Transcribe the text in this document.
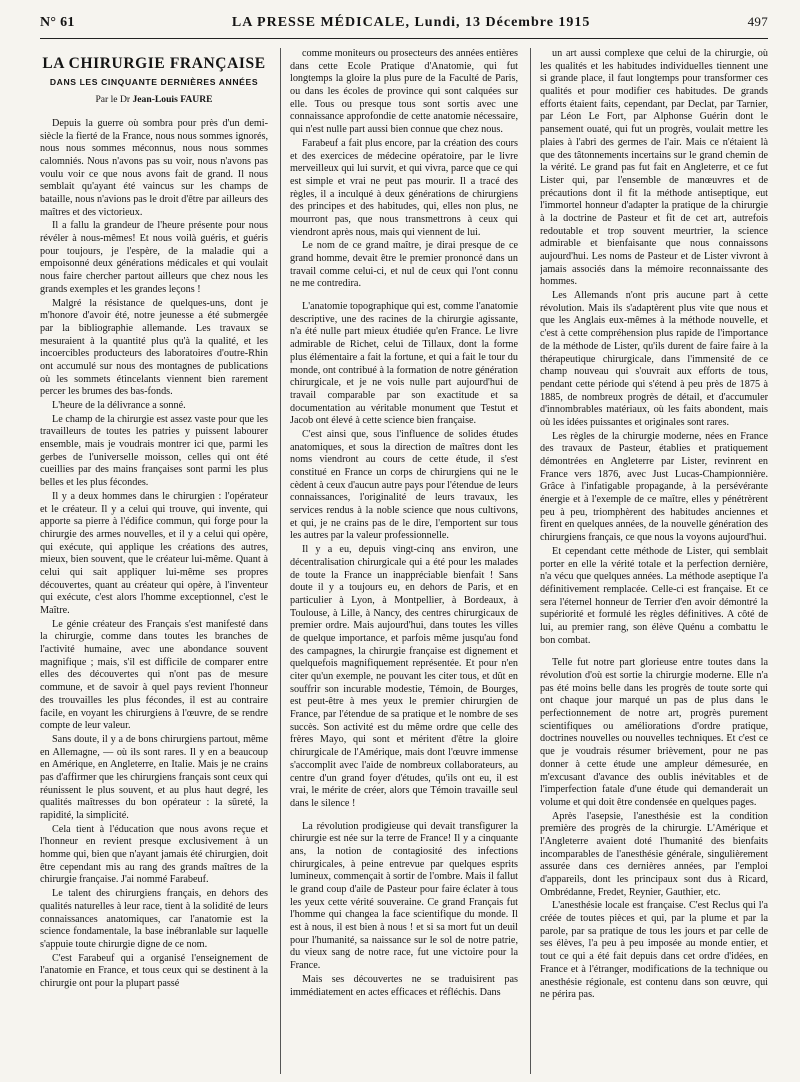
N° 61	LA PRESSE MÉDICALE, Lundi, 13 Décembre 1915	497
LA CHIRURGIE FRANÇAISE
DANS LES CINQUANTE DERNIÈRES ANNÉES
Par le Dr Jean-Louis FAURE

Depuis la guerre où sombra pour près d'un demi-siècle la fierté de la France, nous nous sommes ignorés, nous nous sommes méconnus, nous nous sommes calomniés. Nous n'avons pas su voir, nous n'avons pas voulu voir ce que nous avons fait de grand. Il nous semblait qu'ayant été vaincus sur les champs de bataille, nous n'avions pas le droit d'être par ailleurs des maîtres et des victorieux.

Il a fallu la grandeur de l'heure présente pour nous révéler à nous-mêmes! Et nous voilà guéris, et guéris pour toujours, je l'espère, de la maladie qui a empoisonné deux générations médicales et qui voulait nous faire chercher partout ailleurs que chez nous les grands exemples et les grandes leçons !

Malgré la résistance de quelques-uns, dont je m'honore d'avoir été, notre jeunesse a été submergée par la bibliographie allemande. Les travaux se mesuraient à la quantité plus qu'à la qualité, et les incoercibles producteurs des laboratoires d'outre-Rhin ont accumulé sur nous des montagnes de publications où les sommets étincelants viennent bien rarement percer les brumes des bas-fonds.

L'heure de la délivrance a sonné.

Le champ de la chirurgie est assez vaste pour que les travailleurs de toutes les patries y puissent labourer ensemble, mais je voudrais montrer ici que, parmi les gerbes de l'universelle moisson, celles qui ont été cueillies par des mains françaises sont parmi les plus belles et les plus fécondes.

Il y a deux hommes dans le chirurgien : l'opérateur et le créateur. Il y a celui qui trouve, qui invente, qui apporte sa pierre à l'édifice commun, qui forge pour la chirurgie des armes nouvelles, et il y a celui qui opère, qui exécute, qui applique les créations des autres, mieux, bien souvent, que le créateur lui-même. Quant à celui qui sait appliquer lui-même ses propres découvertes, quant au créateur qui opère, à l'inventeur qui exécute, c'est alors l'homme exceptionnel, c'est le Maître.

Le génie créateur des Français s'est manifesté dans la chirurgie, comme dans toutes les branches de l'activité humaine, avec une abondance souvent magnifique ; mais, s'il est difficile de comparer entre elles des découvertes qui n'ont pas de mesure commune, et de savoir à quel pays revient l'honneur des trouvailles les plus fécondes, il est au contraire facile, en voyant les chirurgiens à l'œuvre, de se rendre compte de leur valeur.

Sans doute, il y a de bons chirurgiens partout, même en Allemagne, — où ils sont rares. Il y en a beaucoup en Amérique, en Angleterre, en Italie. Mais je ne crains pas d'affirmer que les chirurgiens français sont ceux qui réunissent le plus souvent, et au plus haut degré, les qualités maîtresses du bon opérateur : la sûreté, la rapidité, la simplicité.

Cela tient à l'éducation que nous avons reçue et l'honneur en revient presque exclusivement à un homme qui, bien que n'ayant jamais été chirurgien, doit être cependant mis au rang des grands maîtres de la chirurgie française. J'ai nommé Farabeuf.

Le talent des chirurgiens français, en dehors des qualités naturelles à leur race, tient à la solidité de leurs connaissances anatomiques, car l'anatomie est la science fondamentale, la base inébranlable sur laquelle s'appuie toute chirurgie digne de ce nom.

C'est Farabeuf qui a organisé l'enseignement de l'anatomie en France, et tous ceux qui se destinent à la chirurgie ont pour la plupart passé

comme moniteurs ou prosecteurs des années entières dans cette Ecole Pratique d'Anatomie, qui fut longtemps la gloire la plus pure de la Faculté de Paris, ou dans les écoles de province qui sont calquées sur elle. Tous ou presque tous sont sortis avec une connaissance approfondie de cette anatomie nécessaire, qui n'est nulle part aussi bien connue que chez nous.

Farabeuf a fait plus encore, par la création des cours et des exercices de médecine opératoire, par le livre merveilleux qui lui survit, et qui vivra, parce que ce qui est simple et vrai ne peut pas mourir. Il a tracé des règles, il a inculqué à deux générations de chirurgiens des principes et des habitudes, qui, elles non plus, ne mourront pas, que nous transmettrons à ceux qui viendront après nous, mais qui viennent de lui.

Le nom de ce grand maître, je dirai presque de ce grand homme, devait être le premier prononcé dans un travail comme celui-ci, et nul de ceux qui l'ont connu ne me contredira.

L'anatomie topographique qui est, comme l'anatomie descriptive, une des racines de la chirurgie agissante, n'a été nulle part mieux étudiée qu'en France. Le livre admirable de Richet, celui de Tillaux, dont la forme plus élémentaire a fait la fortune, et qui a fait le tour du monde, ont contribué à la formation de notre génération chirurgicale, et je ne vois nulle part aujourd'hui de travail comparable par son exactitude et sa documentation au véritable monument que Testut et Jacob ont élevé à cette science bien française.

C'est ainsi que, sous l'influence de solides études anatomiques, et sous la direction de maîtres dont les noms viendront au cours de cette étude, il s'est constitué en France un corps de chirurgiens qui ne le cèdent à ceux d'aucun autre pays pour l'étendue de leurs connaissances, l'originalité de leurs travaux, les services rendus à la noble science que nous cultivons, et qui, je ne crains pas de le dire, l'emportent sur tous les autres par la valeur professionnelle.

Il y a eu, depuis vingt-cinq ans environ, une décentralisation chirurgicale qui a été pour les malades de toute la France un inappréciable bienfait ! Sans doute il y a toujours eu, en dehors de Paris, et en particulier à Lyon, à Montpellier, à Bordeaux, à Toulouse, à Lille, à Nancy, des centres chirurgicaux de premier ordre. Mais aujourd'hui, dans toutes les villes de quelque importance, et parfois même jusqu'au fond des campagnes, la chirurgie française est dignement et quelquefois magnifiquement représentée. Et pour n'en citer qu'un exemple, ne pouvant les citer tous, et dût en souffrir son incurable modestie, Témoin, de Bourges, est peut-être à mes yeux le premier chirurgien de France, par l'étendue de sa pratique et le nombre de ses succès. Son activité est du même ordre que celle des frères Mayo, qui sont et méritent d'être la gloire chirurgicale de l'Amérique, mais dont l'œuvre immense s'accomplit avec l'aide de nombreux collaborateurs, au centre d'un grand foyer d'études, qu'ils ont eu, il est vrai, le mérite de créer, alors que Témoin travaille seul dans le silence !

La révolution prodigieuse qui devait transfigurer la chirurgie est née sur la terre de France! Il y a cinquante ans, la notion de contagiosité des infections chirurgicales, à peine entrevue par quelques esprits lumineux, commençait à sortir de l'ombre. Mais il fallut le grand coup d'aile de Pasteur pour faire éclater à tous les yeux cette vérité souveraine. Ce grand Français fut l'homme qui changea la face scientifique du monde. Il est à nous, il est bien à nous ! et si sa mort fut un deuil pour l'humanité, sa naissance sur le sol de notre patrie, du vieux sang de notre race, fut une victoire pour la France.

Mais ses découvertes ne se traduisirent pas immédiatement en actes efficaces et réfléchis. Dans

un art aussi complexe que celui de la chirurgie, où les qualités et les habitudes individuelles tiennent une si grande place, il faut longtemps pour transformer ces qualités et pour modifier ces habitudes. De grands efforts étaient faits, cependant, par Declat, par Tarnier, par Léon Le Fort, par Alphonse Guérin dont le pansement ouaté, qui fut un progrès, voulait mettre les plaies à l'abri des germes de l'air. Mais ce n'étaient là que des tâtonnements incertains sur le grand chemin de la vérité. Le grand pas fut fait en Angleterre, et ce fut Lister qui, par l'ensemble de manœuvres et de précautions dont il fit la méthode antiseptique, eut l'immortel honneur d'adapter la pratique de la chirurgie à la doctrine de Pasteur et fit de cet art, autrefois redoutable et trop souvent meurtrier, la science admirable et bienfaisante que nous connaissons aujourd'hui. Les noms de Pasteur et de Lister vivront à jamais associés dans la mémoire reconnaissante des hommes.

Les Allemands n'ont pris aucune part à cette révolution. Mais ils s'adaptèrent plus vite que nous et que les Anglais eux-mêmes à la méthode nouvelle, et c'est à cette compréhension plus rapide de l'importance de la méthode de Lister, qu'ils durent de faire faire à la thérapeutique chirurgicale, dans l'immensité de ce champ nouveau qui s'ouvrait aux efforts de tous, pendant cette période qui s'étend à peu près de 1875 à 1885, de nombreux progrès de détail, et d'accumuler d'innombrables matériaux, où les faits abondent, mais où les idées puissantes et originales sont rares.

Les règles de la chirurgie moderne, nées en France des travaux de Pasteur, établies et pratiquement démontrées en Angleterre par Lister, revinrent en France vers 1876, avec Just Lucas-Championnière. Grâce à l'infatigable propagande, à la persévérante énergie et à l'exemple de ce maître, elles y pénétrèrent peu à peu, triomphèrent des habitudes anciennes et firent en quelques années, de la nouvelle génération des chirurgiens français, ce que nous la voyons aujourd'hui.

Et cependant cette méthode de Lister, qui semblait porter en elle la vérité totale et la perfection dernière, n'a vécu que quelques années. La méthode aseptique l'a définitivement remplacée. Celle-ci est française. Et ce sera l'éternel honneur de Terrier d'en avoir démontré la supériorité et formulé les règles définitives. A côté de lui, au premier rang, son élève Quénu a combattu le bon combat.

Telle fut notre part glorieuse entre toutes dans la révolution d'où est sortie la chirurgie moderne. Elle n'a pas été moins belle dans les progrès de toute sorte qui ont chaque jour marqué un pas de plus dans le perfectionnement de notre art, progrès purement scientifiques ou améliorations d'ordre pratique, doctrines nouvelles ou nouvelles techniques. Et c'est ce que je voudrais résumer brièvement, pour ne pas donner à cette étude une ampleur démesurée, en m'excusant d'avance des oublis inévitables et de l'imperfection fatale d'une étude qui demanderait un volume et qui doit être condensée en quelques pages.

Après l'asepsie, l'anesthésie est la condition première des progrès de la chirurgie. L'Amérique et l'Angleterre avaient doté l'humanité des bienfaits incomparables de l'anesthésie générale, singulièrement assurée dans ces dernières années, par l'emploi d'appareils, dont les principaux sont dus à Ricard, Ombrédanne, Fredet, Reynier, Gauthier, etc.

L'anesthésie locale est française. C'est Reclus qui l'a créée de toutes pièces et qui, par la plume et par la parole, par sa pratique de tous les jours et par celle de ses élèves, l'a peu à peu imposée au monde entier, et tout ce qui a été fait depuis dans cet ordre d'idées, en France et à l'étranger, modifications de la technique ou anesthésie régionale, est contenu dans son œuvre, qui ne périra pas.
